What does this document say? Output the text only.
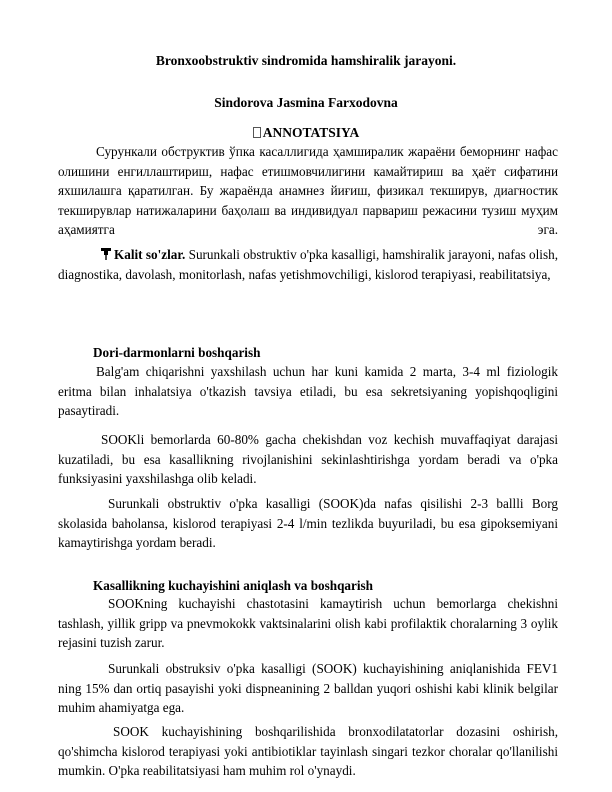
Bronxoobstruktiv sindromida hamshiralik jarayoni.
Sindorova Jasmina Farxodovna
ANNOTATSIYA
Сурункали обструктив ўпка касаллигида ҳамширалик жараёни беморнинг нафас олишини енгиллаштириш, нафас етишмовчилигини камайтириш ва ҳаёт сифатини яхшилашга қаратилган. Бу жараёнда анамнез йиғиш, физикал текширув, диагностик текширувлар натижаларини баҳолаш ва индивидуал парвариш режасини тузиш муҳим аҳамиятга эга.
Kalit so'zlar. Surunkali obstruktiv o'pka kasalligi, hamshiralik jarayoni, nafas olish, diagnostika, davolash, monitorlash, nafas yetishmovchiligi, kislorod terapiyasi, reabilitatsiya,
Dori-darmonlarni boshqarish
Balg'am chiqarishni yaxshilash uchun har kuni kamida 2 marta, 3-4 ml fiziologik eritma bilan inhalatsiya o'tkazish tavsiya etiladi, bu esa sekretsiyaning yopishqoqligini pasaytiradi.
SOOKli bemorlarda 60-80% gacha chekishdan voz kechish muvaffaqiyat darajasi kuzatiladi, bu esa kasallikning rivojlanishini sekinlashtirishga yordam beradi va o'pka funksiyasini yaxshilashga olib keladi.
Surunkali obstruktiv o'pka kasalligi (SOOK)da nafas qisilishi 2-3 ballli Borg skolasida baholansa, kislorod terapiyasi 2-4 l/min tezlikda buyuriladi, bu esa gipoksemiyani kamaytirishga yordam beradi.
Kasallikning kuchayishini aniqlash va boshqarish
SOOKning kuchayishi chastotasini kamaytirish uchun bemorlarga chekishni tashlash, yillik gripp va pnevmokokk vaktsinalarini olish kabi profilaktik choralarning 3 oylik rejasini tuzish zarur.
Surunkali obstruksiv o'pka kasalligi (SOOK) kuchayishining aniqlanishida FEV1 ning 15% dan ortiq pasayishi yoki dispneanining 2 balldan yuqori oshishi kabi klinik belgilar muhim ahamiyatga ega.
SOOK kuchayishining boshqarilishida bronxodilatatorlar dozasini oshirish, qo'shimcha kislorod terapiyasi yoki antibiotiklar tayinlash singari tezkor choralar qo'llanilishi mumkin. O'pka reabilitatsiyasi ham muhim rol o'ynaydi.
